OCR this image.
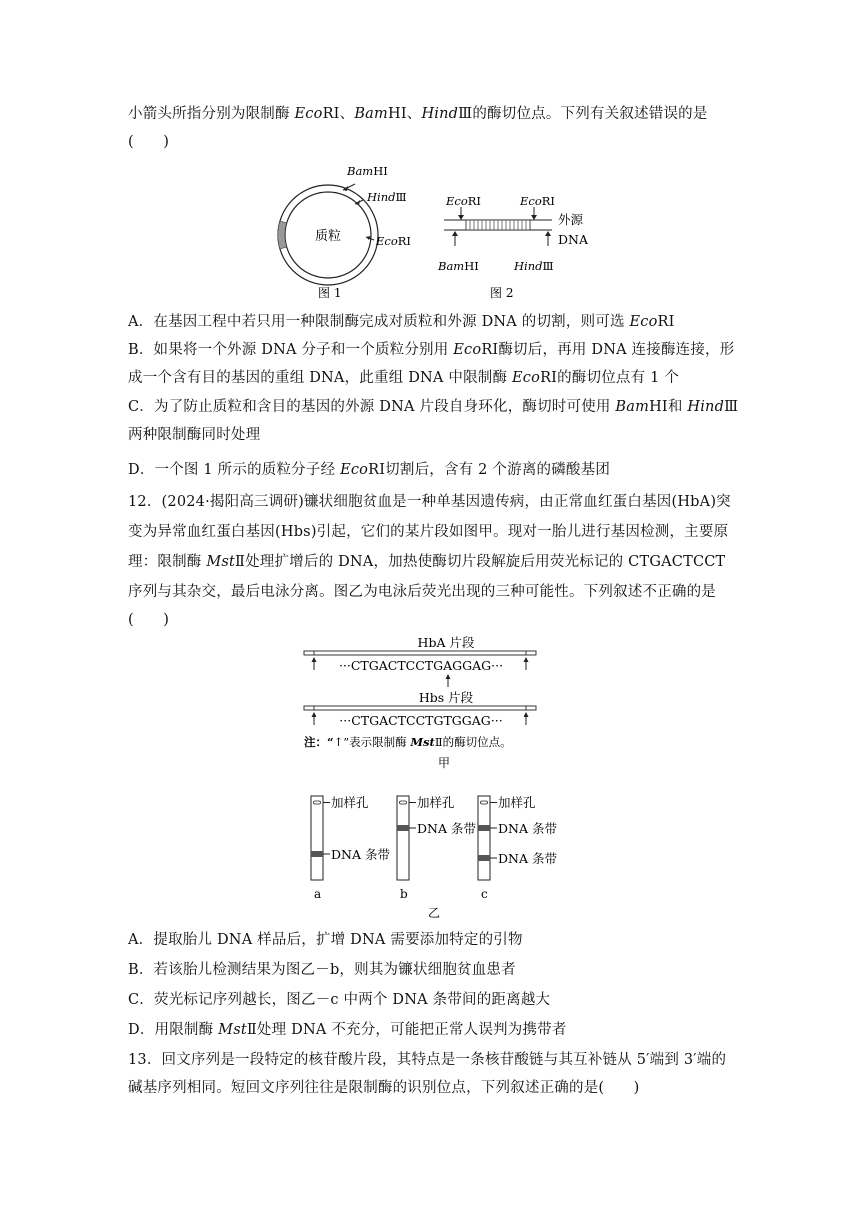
小箭头所指分别为限制酶 EcoRⅠ、BamHⅠ、HindⅢ的酶切位点。下列有关叙述错误的是
(　　)
质粒
BamHⅠ
HindⅢ
EcoRⅠ
图 1
EcoRⅠ	EcoRⅠ
BamHⅠ	HindⅢ
外源
DNA
图 2
A．在基因工程中若只用一种限制酶完成对质粒和外源 DNA 的切割，则可选 EcoRⅠ
B．如果将一个外源 DNA 分子和一个质粒分别用 EcoRⅠ酶切后，再用 DNA 连接酶连接，形
成一个含有目的基因的重组 DNA，此重组 DNA 中限制酶 EcoRⅠ的酶切位点有 1 个
C．为了防止质粒和含目的基因的外源 DNA 片段自身环化，酶切时可使用 BamHⅠ和 HindⅢ
两种限制酶同时处理
D．一个图 1 所示的质粒分子经 EcoRⅠ切割后，含有 2 个游离的磷酸基团
12．(2024·揭阳高三调研)镰状细胞贫血是一种单基因遗传病，由正常血红蛋白基因(HbA)突
变为异常血红蛋白基因(Hbs)引起，它们的某片段如图甲。现对一胎儿进行基因检测，主要原
理：限制酶 MstⅡ处理扩增后的 DNA，加热使酶切片段解旋后用荧光标记的 CTGACTCCT
序列与其杂交，最后电泳分离。图乙为电泳后荧光出现的三种可能性。下列叙述不正确的是
(　　)
HbA 片段
···CTGACTCCTGAGGAG···
Hbs 片段
···CTGACTCCTGTGGAG···
注：“↑”表示限制酶 MstⅡ的酶切位点。
甲
加样孔
DNA 条带
a
加样孔
DNA 条带
b
加样孔
DNA 条带
DNA 条带
c
乙
A．提取胎儿 DNA 样品后，扩增 DNA 需要添加特定的引物
B．若该胎儿检测结果为图乙－b，则其为镰状细胞贫血患者
C．荧光标记序列越长，图乙－c 中两个 DNA 条带间的距离越大
D．用限制酶 MstⅡ处理 DNA 不充分，可能把正常人误判为携带者
13．回文序列是一段特定的核苷酸片段，其特点是一条核苷酸链与其互补链从 5′端到 3′端的
碱基序列相同。短回文序列往往是限制酶的识别位点，下列叙述正确的是(　　)
